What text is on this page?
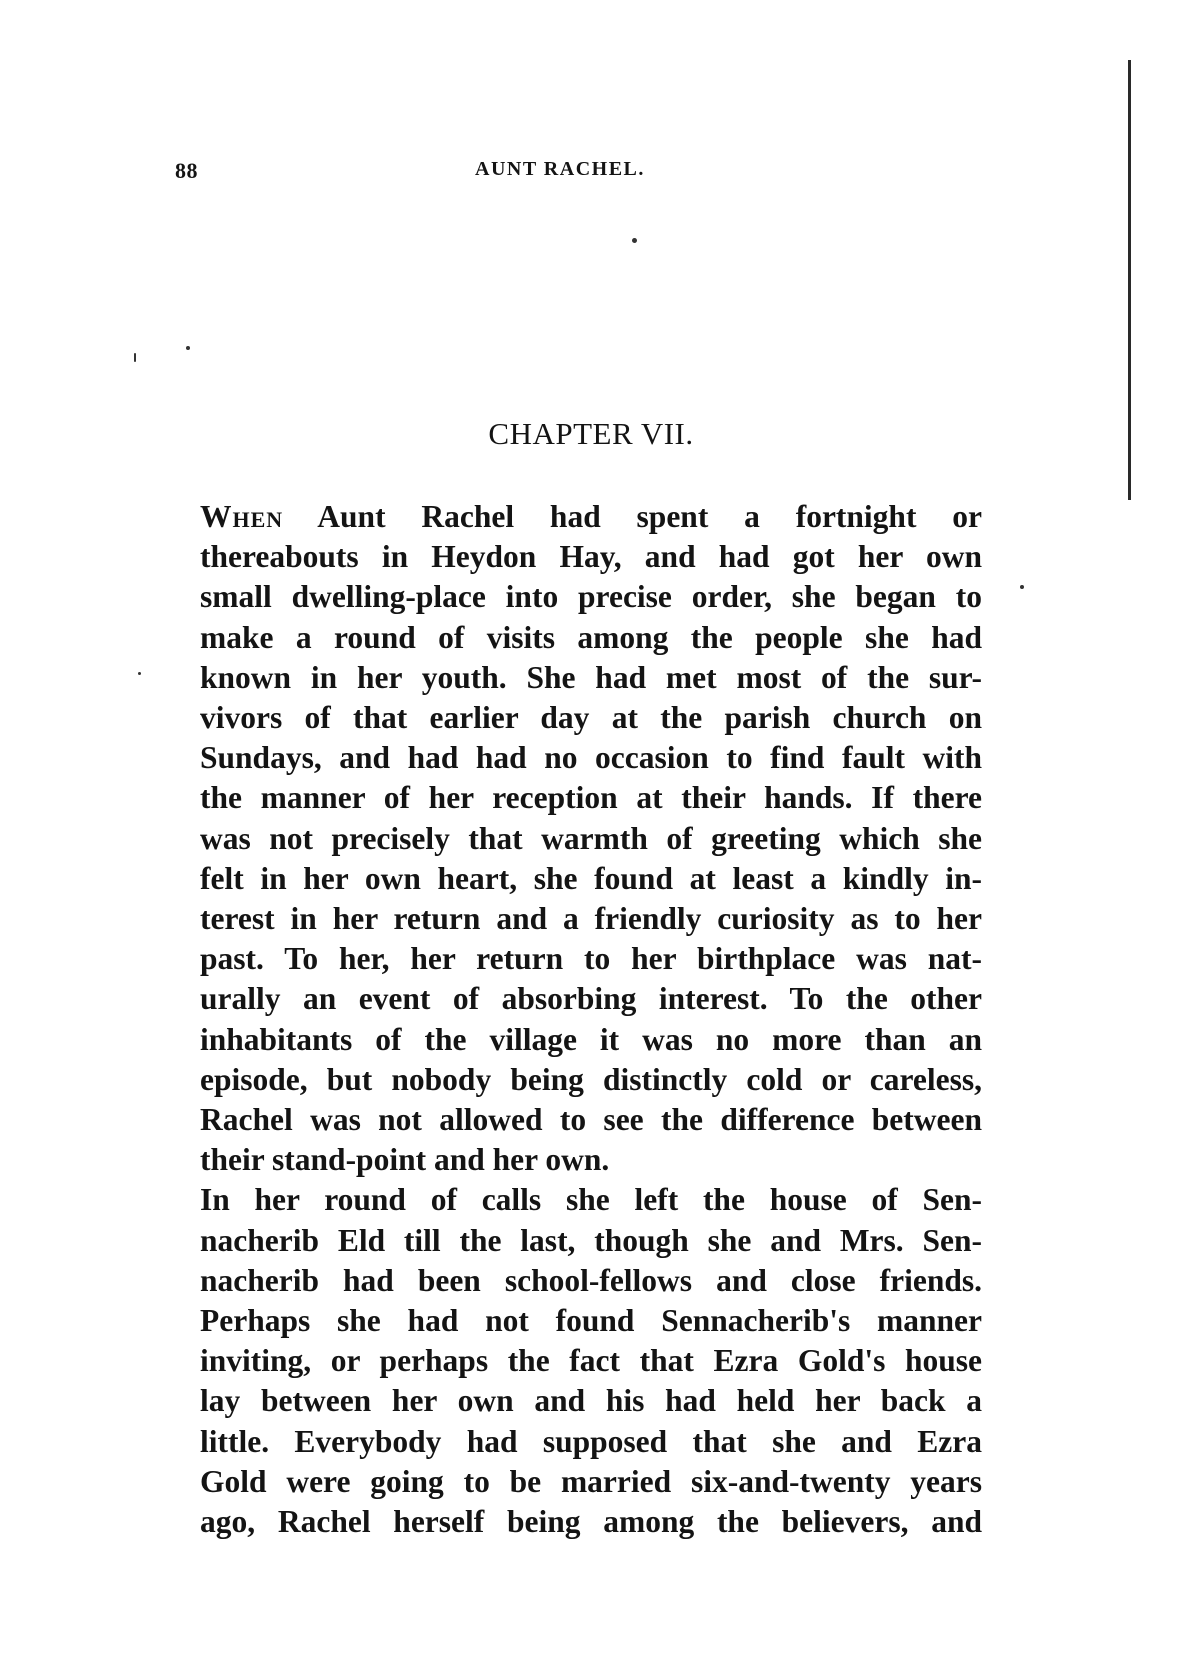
88	AUNT RACHEL.
CHAPTER VII.

When Aunt Rachel had spent a fortnight or
thereabouts in Heydon Hay, and had got her own
small dwelling-place into precise order, she began to
make a round of visits among the people she had
known in her youth. She had met most of the sur-
vivors of that earlier day at the parish church on
Sundays, and had had no occasion to find fault with
the manner of her reception at their hands. If there
was not precisely that warmth of greeting which she
felt in her own heart, she found at least a kindly in-
terest in her return and a friendly curiosity as to her
past. To her, her return to her birthplace was nat-
urally an event of absorbing interest. To the other
inhabitants of the village it was no more than an
episode, but nobody being distinctly cold or careless,
Rachel was not allowed to see the difference between
their stand-point and her own.

In her round of calls she left the house of Sen-
nacherib Eld till the last, though she and Mrs. Sen-
nacherib had been school-fellows and close friends.
Perhaps she had not found Sennacherib's manner
inviting, or perhaps the fact that Ezra Gold's house
lay between her own and his had held her back a
little. Everybody had supposed that she and Ezra
Gold were going to be married six-and-twenty years
ago, Rachel herself being among the believers, and
